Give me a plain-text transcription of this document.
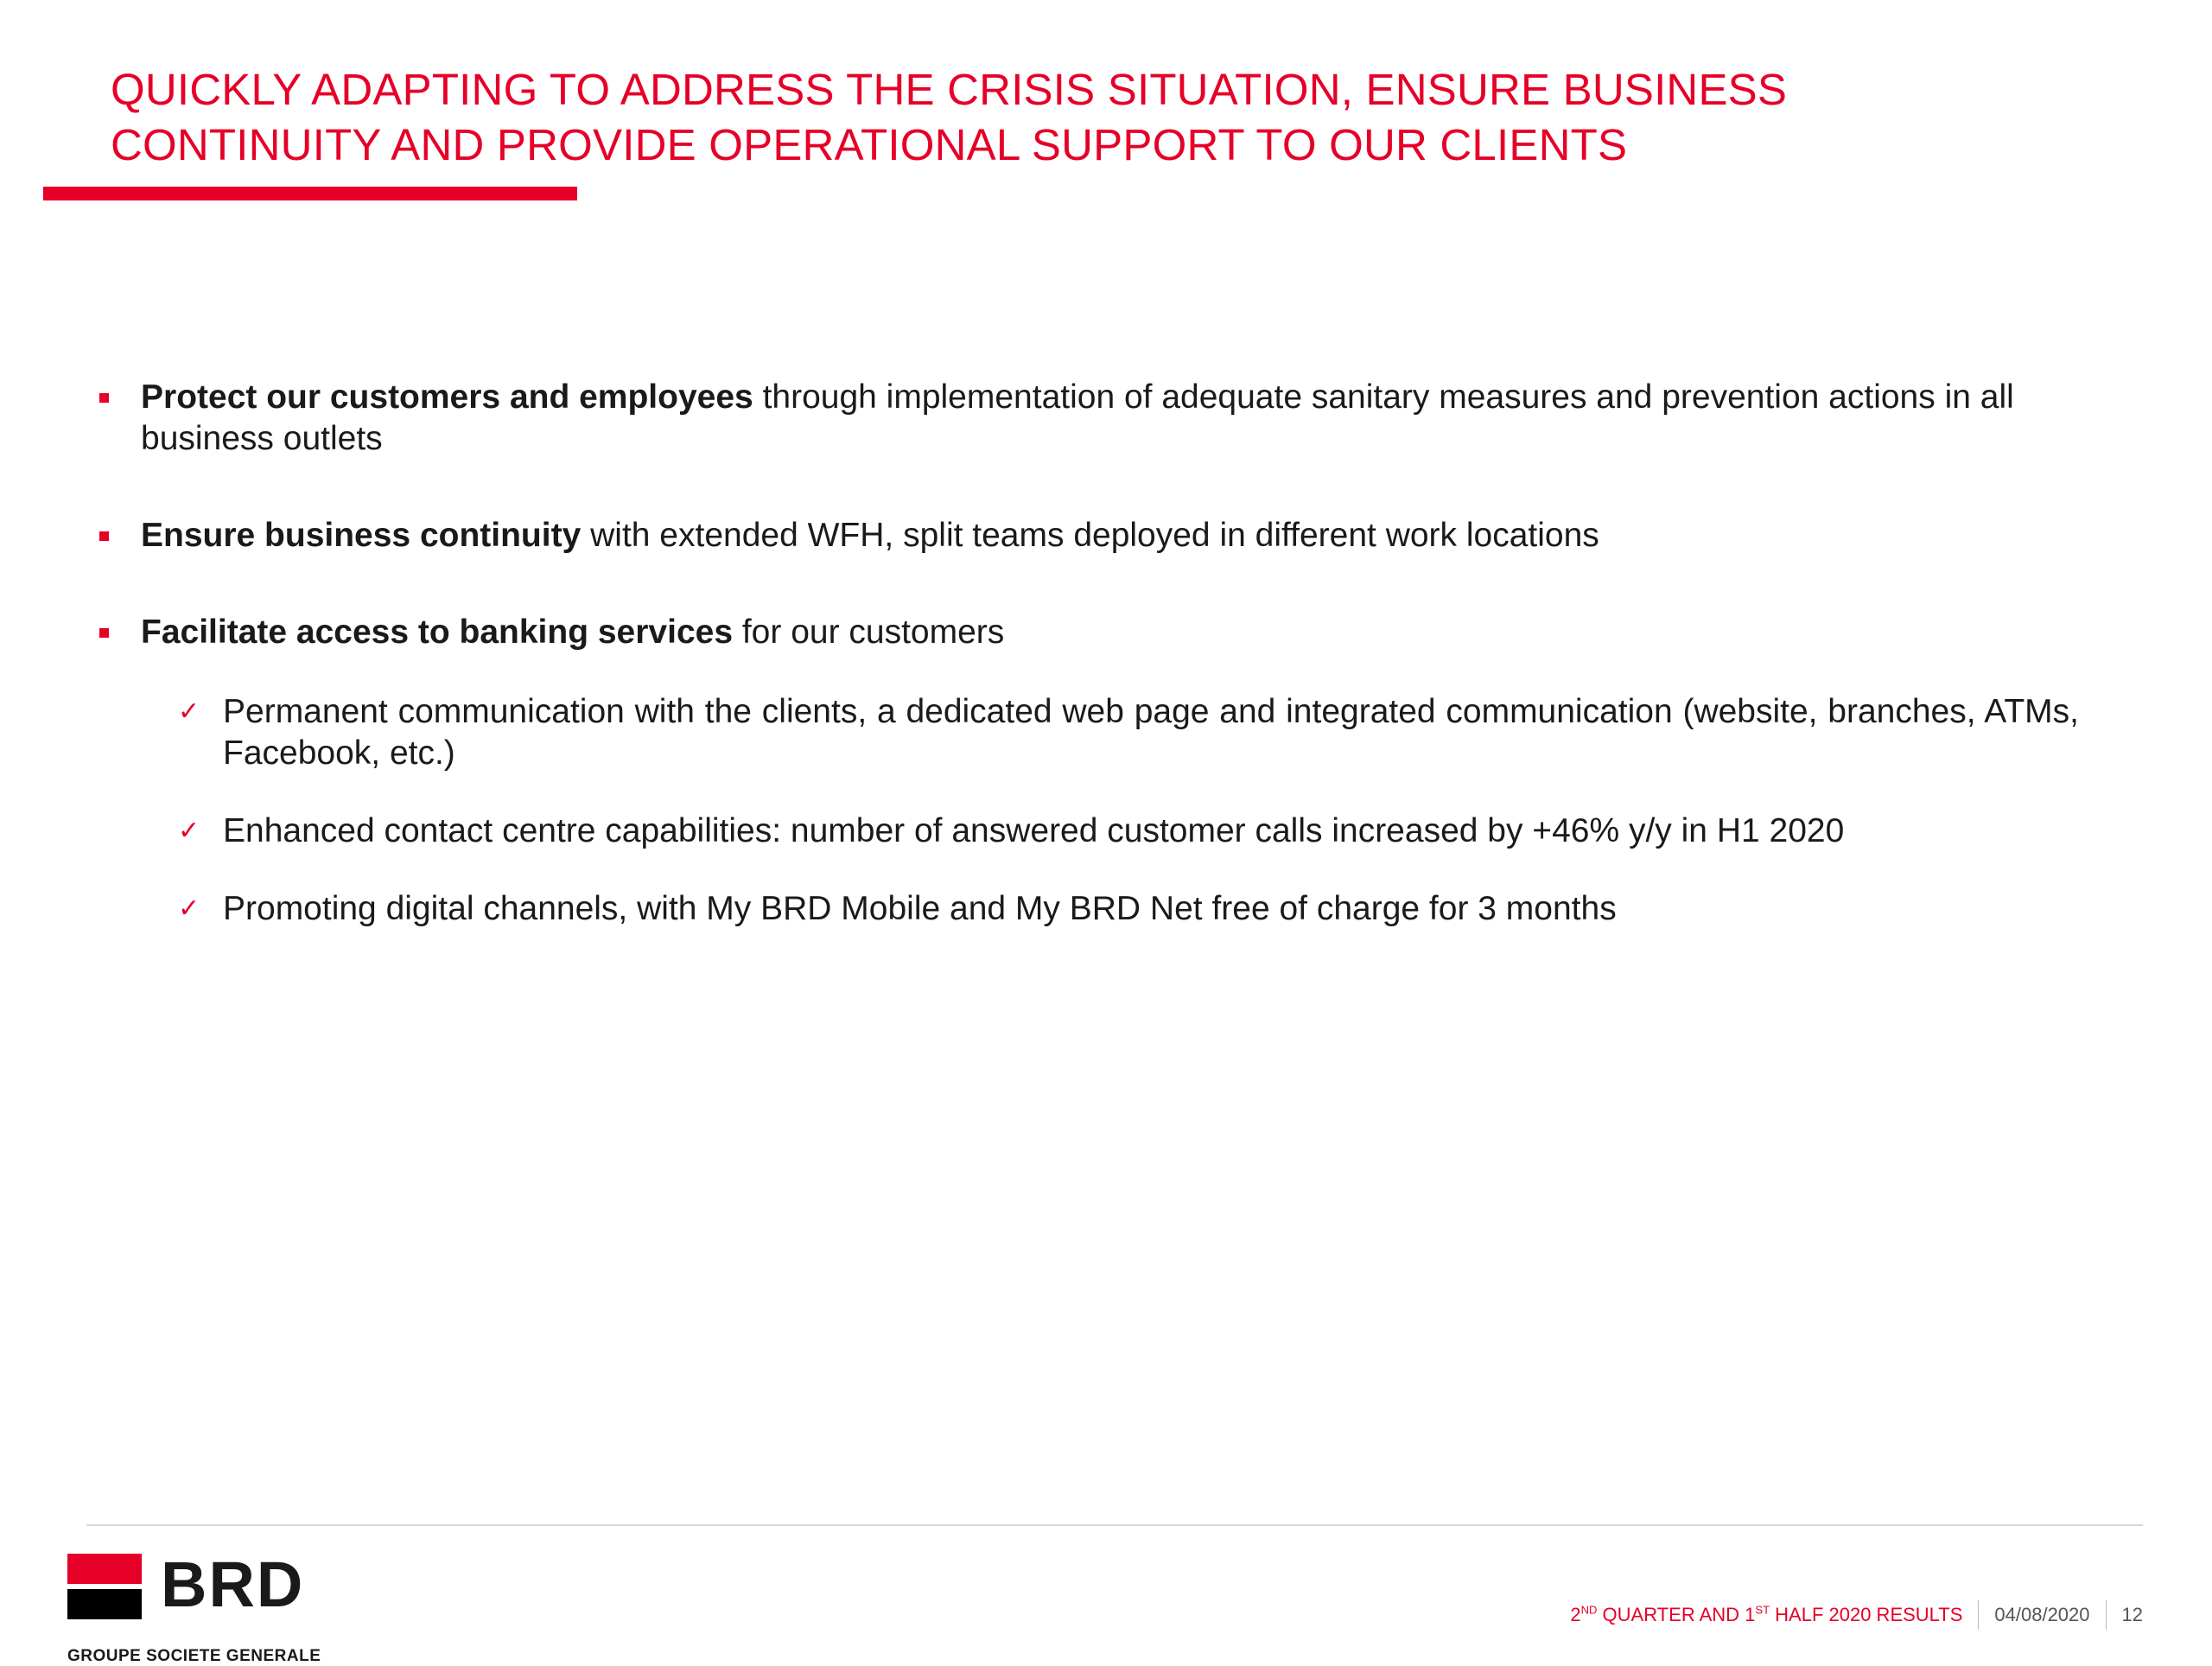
QUICKLY ADAPTING TO ADDRESS THE CRISIS SITUATION, ENSURE BUSINESS
CONTINUITY AND PROVIDE OPERATIONAL SUPPORT TO OUR CLIENTS
Protect our customers and employees through implementation of adequate sanitary measures and prevention actions in all business outlets
Ensure business continuity with extended WFH, split teams deployed in different work locations
Facilitate access to banking services for our customers
✓ Permanent communication with the clients, a dedicated web page and integrated communication (website, branches, ATMs, Facebook, etc.)
✓ Enhanced contact centre capabilities: number of answered customer calls increased by +46% y/y in H1 2020
✓ Promoting digital channels, with My BRD Mobile and My BRD Net free of charge for 3 months
BRD
GROUPE SOCIETE GENERALE
2ND QUARTER AND 1ST HALF 2020 RESULTS 04/08/2020 12
